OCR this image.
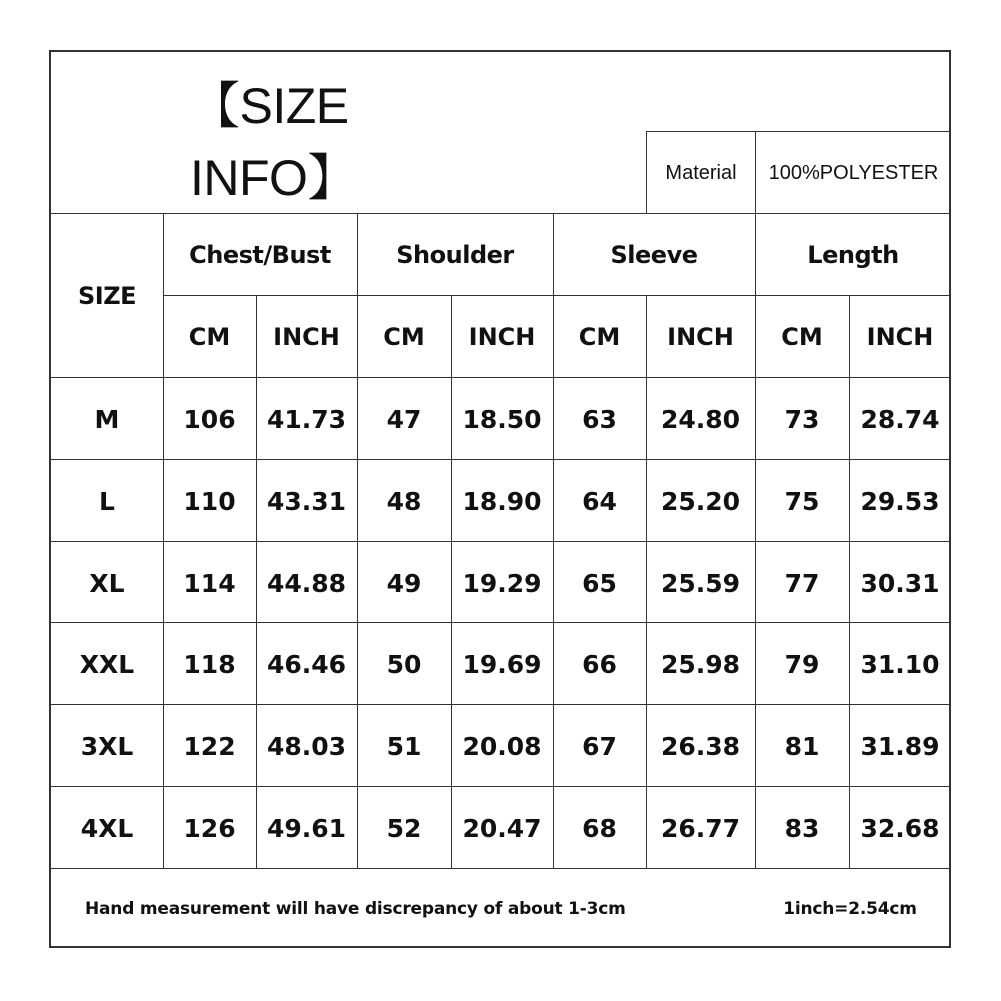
【SIZE INFO】	Material	100%POLYESTER
SIZE
Chest/Bust	Shoulder	Sleeve	Length
CM	INCH	CM	INCH	CM	INCH	CM	INCH
M	106	41.73	47	18.50	63	24.80	73	28.74
L	110	43.31	48	18.90	64	25.20	75	29.53
XL	114	44.88	49	19.29	65	25.59	77	30.31
XXL	118	46.46	50	19.69	66	25.98	79	31.10
3XL	122	48.03	51	20.08	67	26.38	81	31.89
4XL	126	49.61	52	20.47	68	26.77	83	32.68
Hand measurement will have discrepancy of about 1-3cm	1inch=2.54cm
